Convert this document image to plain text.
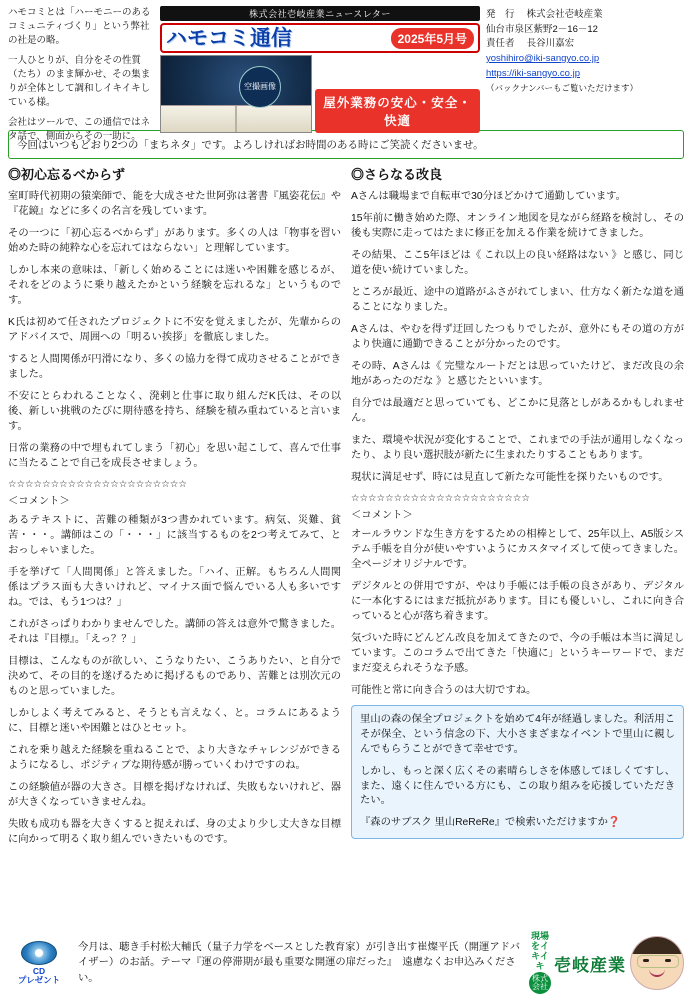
ハモコミとは「ハーモニーのあるコミュニティづくり」という弊社の社是の略。

一人ひとりが、自分をその性質（たち）のまま輝かせ、その集まりが全体として調和しイキイキしている様。

会社はツールで、この通信ではネタ話で、側面からその一助に。

株式会社壱岐産業ニュースレター
ハモコミ通信	2025年5月号
空撮画像
屋外業務の安心・安全・快適
発　行 　 株式会社壱岐産業
仙台市泉区紫野2－16－12
責任者 　 長谷川嘉宏
yoshihiro@iki-sangyo.co.jp
https://iki-sangyo.co.jp
（バックナンバーもご覧いただけます）
今回はいつもどおり2つの「まちネタ」です。よろしければお時間のある時にご笑読くださいませ。
◎初心忘るべからず

室町時代初期の猿楽師で、能を大成させた世阿弥は著書『風姿花伝』や『花鏡』などに多くの名言を残しています。

その一つに「初心忘るべからず」があります。多くの人は「物事を習い始めた時の純粋な心を忘れてはならない」と理解しています。

しかし本来の意味は、「新しく始めることには迷いや困難を感じるが、それをどのように乗り越えたかという経験を忘れるな」というものです。

K氏は初めて任されたプロジェクトに不安を覚えましたが、先輩からのアドバイスで、周囲への「明るい挨拶」を徹底しました。

すると人間関係が円滑になり、多くの協力を得て成功させることができました。

不安にとらわれることなく、溌剌と仕事に取り組んだK氏は、その以後、新しい挑戦のたびに期待感を持ち、経験を積み重ねていると言います。

日常の業務の中で埋もれてしまう「初心」を思い起こして、喜んで仕事に当たることで自己を成長させましょう。

☆☆☆☆☆☆☆☆☆☆☆☆☆☆☆☆☆☆☆☆☆
＜コメント＞

あるテキストに、苦難の種類が3つ書かれています。病気、災難、貧苦・・・。講師はこの「・・・」に該当するものを2つ考えてみて、とおっしゃいました。

手を挙げて「人間関係」と答えました。「ハイ、正解。もちろん人間関係はプラス面も大きいけれど、マイナス面で悩んでいる人も多いですね。では、もう1つは？」

これがさっぱりわかりませんでした。講師の答えは意外で驚きました。それは『目標』。「えっ？？」

目標は、こんなものが欲しい、こうなりたい、こうありたい、と自分で決めて、その目的を遂げるために掲げるものであり、苦難とは別次元のものと思っていました。

しかしよく考えてみると、そうとも言えなく、と。コラムにあるように、目標と迷いや困難とはひとセット。

これを乗り越えた経験を重ねることで、より大きなチャレンジができるようになるし、ポジティブな期待感が勝っていくわけですのね。

この経験値が器の大きさ。目標を掲げなければ、失敗もないけれど、器が大きくなっていきませんね。

失敗も成功も器を大きくすると捉えれば、身の丈より少し丈大きな目標に向かって明るく取り組んでいきたいものです。

◎さらなる改良

Aさんは職場まで自転車で30分ほどかけて通勤しています。

15年前に働き始めた際、オンライン地図を見ながら経路を検討し、その後も実際に走ってはたまに修正を加える作業を続けてきました。

その結果、ここ5年ほどは《 これ以上の良い経路はない 》と感じ、同じ道を使い続けていました。

ところが最近、途中の道路がふさがれてしまい、仕方なく新たな道を通ることになりました。

Aさんは、やむを得ず迂回したつもりでしたが、意外にもその道の方がより快適に通勤できることが分かったのです。

その時、Aさんは《 完璧なルートだとは思っていたけど、まだ改良の余地があったのだな 》と感じたといいます。

自分では最適だと思っていても、どこかに見落としがあるかもしれません。

また、環境や状況が変化することで、これまでの手法が通用しなくなったり、より良い選択肢が新たに生まれたりすることもあります。

現状に満足せず、時には見直して新たな可能性を探りたいものです。

☆☆☆☆☆☆☆☆☆☆☆☆☆☆☆☆☆☆☆☆☆
＜コメント＞

オールラウンドな生き方をするための相棒として、25年以上、A5版システム手帳を自分が使いやすいようにカスタマイズして使ってきました。全ページオリジナルです。

デジタルとの併用ですが、やはり手帳には手帳の良さがあり、デジタルに一本化するにはまだ抵抗があります。目にも優しいし、これに向き合っていると心が落ち着きます。

気づいた時にどんどん改良を加えてきたので、今の手帳は本当に満足しています。このコラムで出てきた「快適に」というキーワードで、まだまだ変えられそうな予感。

可能性と常に向き合うのは大切ですね。

里山の森の保全プロジェクトを始めて4年が経過しました。利活用こそが保全、という信念の下、大小さまざまなイベントで里山に親しんでもらうことができて幸せです。

しかし、もっと深く広くその素晴らしさを体感してほしくてすし、また、遠くに住んでいる方にも、この取り組みを応援していただきたい。

『森のサブスク 里山ReReRe』で検索いただけますか❓

CD
プレゼント
今月は、聴き手村松大輔氏（量子力学をベースとした教育家）が引き出す崔燦平氏（開運アドバイザー）のお話。テーマ『運の停滞期が最も重要な開運の扉だった』　遠慮なくお申込みください。
現場をイキイキ
株式会社
壱岐産業
